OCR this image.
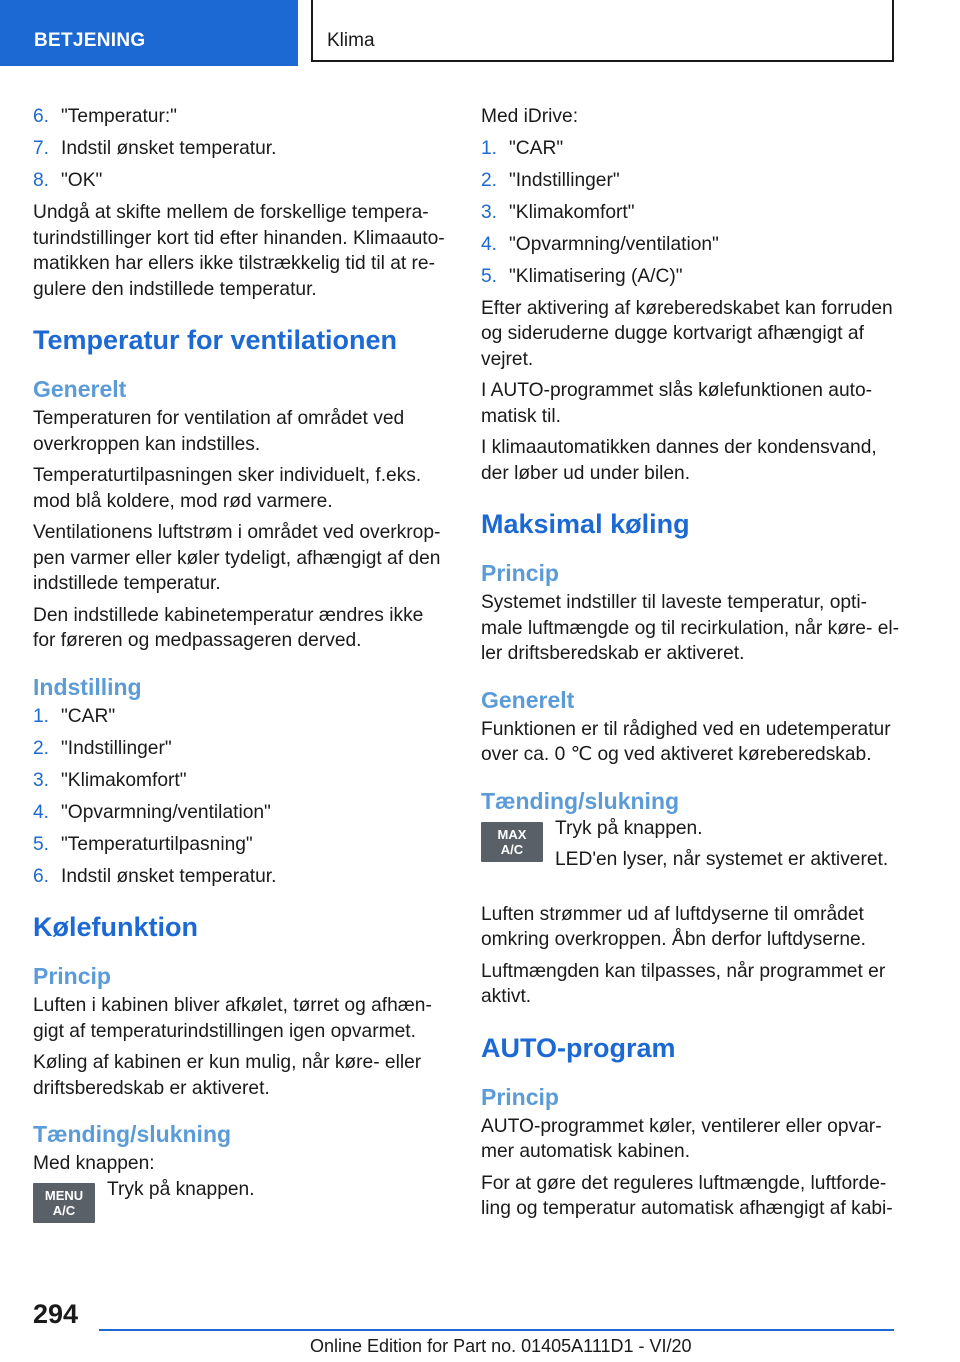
BETJENING	Klima
6. "Temperatur:"
7. Indstil ønsket temperatur.
8. "OK"

Undgå at skifte mellem de forskellige temperaturindstillinger kort tid efter hinanden. Klimaautomatikken har ellers ikke tilstrækkelig tid til at regulere den indstillede temperatur.

Temperatur for ventilationen
Generelt

Temperaturen for ventilation af området ved overkroppen kan indstilles.

Temperaturtilpasningen sker individuelt, f.eks. mod blå koldere, mod rød varmere.

Ventilationens luftstrøm i området ved overkroppen varmer eller køler tydeligt, afhængigt af den indstillede temperatur.

Den indstillede kabinetemperatur ændres ikke for føreren og medpassageren derved.

Indstilling
1. "CAR"
2. "Indstillinger"
3. "Klimakomfort"
4. "Opvarmning/ventilation"
5. "Temperaturtilpasning"
6. Indstil ønsket temperatur.
Kølefunktion
Princip

Luften i kabinen bliver afkølet, tørret og afhængigt af temperaturindstillingen igen opvarmet.

Køling af kabinen er kun mulig, når køre- eller driftsberedskab er aktiveret.

Tænding/slukning

Med knappen:

MENU
A/C

Tryk på knappen.

Med iDrive:

1. "CAR"
2. "Indstillinger"
3. "Klimakomfort"
4. "Opvarmning/ventilation"
5. "Klimatisering (A/C)"

Efter aktivering af køreberedskabet kan forruden og sideruderne dugge kortvarigt afhængigt af vejret.

I AUTO-programmet slås kølefunktionen automatisk til.

I klimaautomatikken dannes der kondensvand, der løber ud under bilen.

Maksimal køling
Princip

Systemet indstiller til laveste temperatur, optimale luftmængde og til recirkulation, når køre- eller driftsberedskab er aktiveret.

Generelt

Funktionen er til rådighed ved en udetemperatur over ca. 0 ℃ og ved aktiveret køreberedskab.

Tænding/slukning
MAX
A/C

Tryk på knappen.

LED'en lyser, når systemet er aktiveret.

Luften strømmer ud af luftdyserne til området omkring overkroppen. Åbn derfor luftdyserne.

Luftmængden kan tilpasses, når programmet er aktivt.

AUTO-program
Princip

AUTO-programmet køler, ventilerer eller opvarmer automatisk kabinen.

For at gøre det reguleres luftmængde, luftfordeling og temperatur automatisk afhængigt af kabi-

294
Online Edition for Part no. 01405A111D1 - VI/20
